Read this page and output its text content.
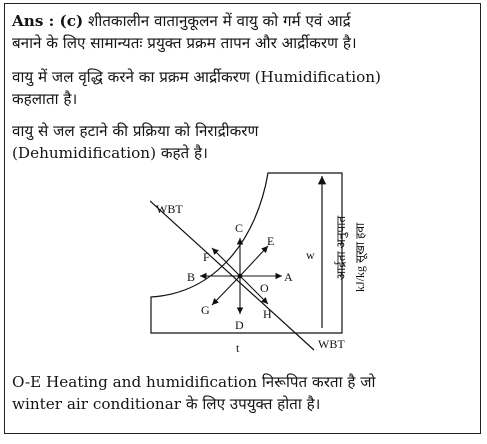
Ans : (c) शीतकालीन वातानुकूलन में वायु को गर्म एवं आर्द्र
बनाने के लिए सामान्यतः प्रयुक्त प्रक्रम तापन और आर्द्रीकरण है।
वायु में जल वृद्धि करने का प्रक्रम आर्द्रीकरण (Humidification)
कहलाता है।
वायु से जल हटाने की प्रक्रिया को निराद्रीकरण
(Dehumidification) कहते है।
A
B
C
D
E
F
G	H
O
WBT
WBT
w
t
आर्द्रता अनुपात kJ/kg सूखा हवा
O-E Heating and humidification निरूपित करता है जो
winter air conditionar के लिए उपयुक्त होता है।
